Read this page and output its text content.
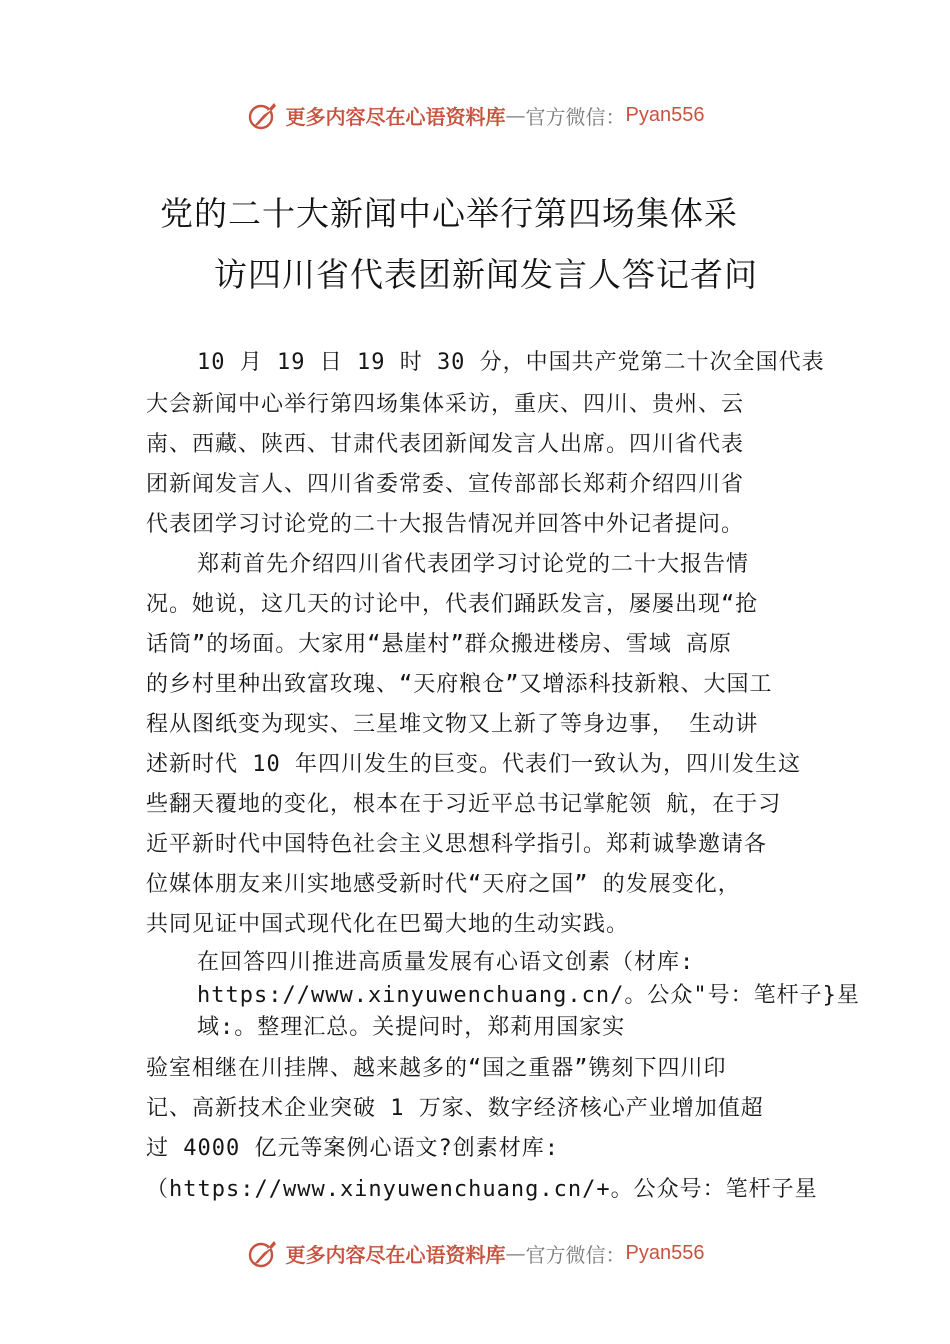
更多内容尽在心语资料库 — 官方微信： Pyan556
党的二十大新闻中心举行第四场集体采
访四川省代表团新闻发言人答记者问
10 月 19 日 19 时 30 分，中国共产党第二十次全国代表
大会新闻中心举行第四场集体采访，重庆、四川、贵州、云
南、西藏、陕西、甘肃代表团新闻发言人出席。四川省代表
团新闻发言人、四川省委常委、宣传部部长郑莉介绍四川省
代表团学习讨论党的二十大报告情况并回答中外记者提问。
郑莉首先介绍四川省代表团学习讨论党的二十大报告情
况。她说，这几天的讨论中，代表们踊跃发言，屡屡出现“抢
话筒”的场面。大家用“悬崖村”群众搬进楼房、雪域 高原
的乡村里种出致富玫瑰、“天府粮仓”又增添科技新粮、大国工
程从图纸变为现实、三星堆文物又上新了等身边事， 生动讲
述新时代 10 年四川发生的巨变。代表们一致认为，四川发生这
些翻天覆地的变化，根本在于习近平总书记掌舵领 航，在于习
近平新时代中国特色社会主义思想科学指引。郑莉诚挚邀请各
位媒体朋友来川实地感受新时代“天府之国” 的发展变化，
共同见证中国式现代化在巴蜀大地的生动实践。
在回答四川推进高质量发展有心语文创素（材库:
https://www.xinyuwenchuang.cn/。公众"号：笔杆子}星
域:。整理汇总。关提问时，郑莉用国家实
验室相继在川挂牌、越来越多的“国之重器”镌刻下四川印
记、高新技术企业突破 1 万家、数字经济核心产业增加值超
过 4000 亿元等案例心语文?创素材库:
（https://www.xinyuwenchuang.cn/+。公众号：笔杆子星
更多内容尽在心语资料库 — 官方微信： Pyan556
